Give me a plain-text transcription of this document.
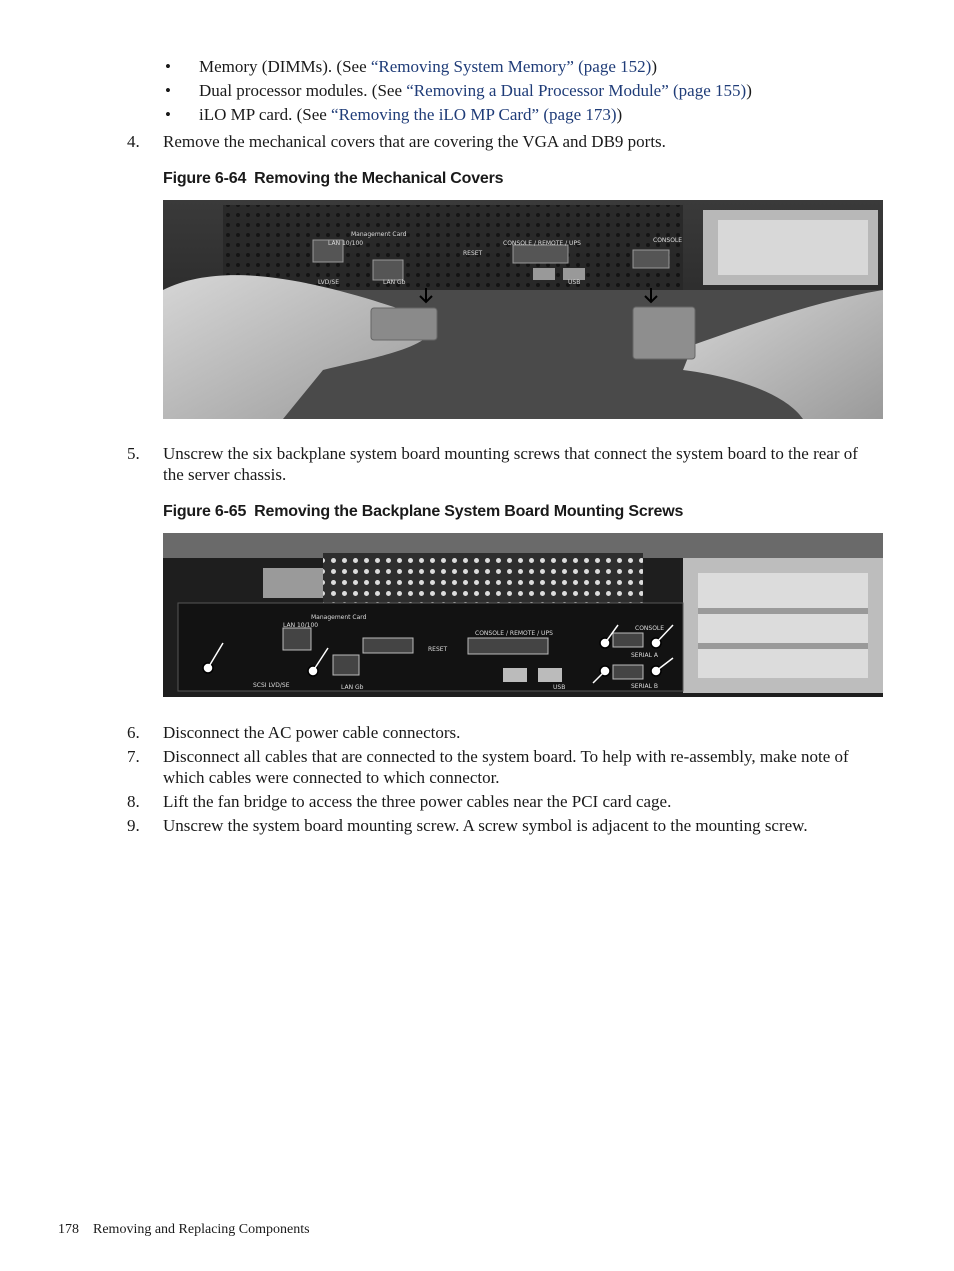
•	Memory (DIMMs). (See “Removing System Memory” (page 152))
•	Dual processor modules. (See “Removing a Dual Processor Module” (page 155))
•	iLO MP card. (See “Removing the iLO MP Card” (page 173))
4.	Remove the mechanical covers that are covering the VGA and DB9 ports.
Figure 6-64 Removing the Mechanical Covers
Management Card
LAN 10/100	CONSOLE / REMOTE / UPS
LAN Gb
LVD/SE
RESET
USB
CONSOLE
5.	Unscrew the six backplane system board mounting screws that connect the system board to the rear of the server chassis.
Figure 6-65 Removing the Backplane System Board Mounting Screws
Management Card
LAN 10/100
CONSOLE / REMOTE / UPS
SCSI LVD/SE	LAN Gb
RESET
USB
CONSOLE
SERIAL A
SERIAL B
6.	Disconnect the AC power cable connectors.
7.	Disconnect all cables that are connected to the system board. To help with re-assembly, make note of which cables were connected to which connector.
8.	Lift the fan bridge to access the three power cables near the PCI card cage.
9.	Unscrew the system board mounting screw. A screw symbol is adjacent to the mounting screw.
178 Removing and Replacing Components
